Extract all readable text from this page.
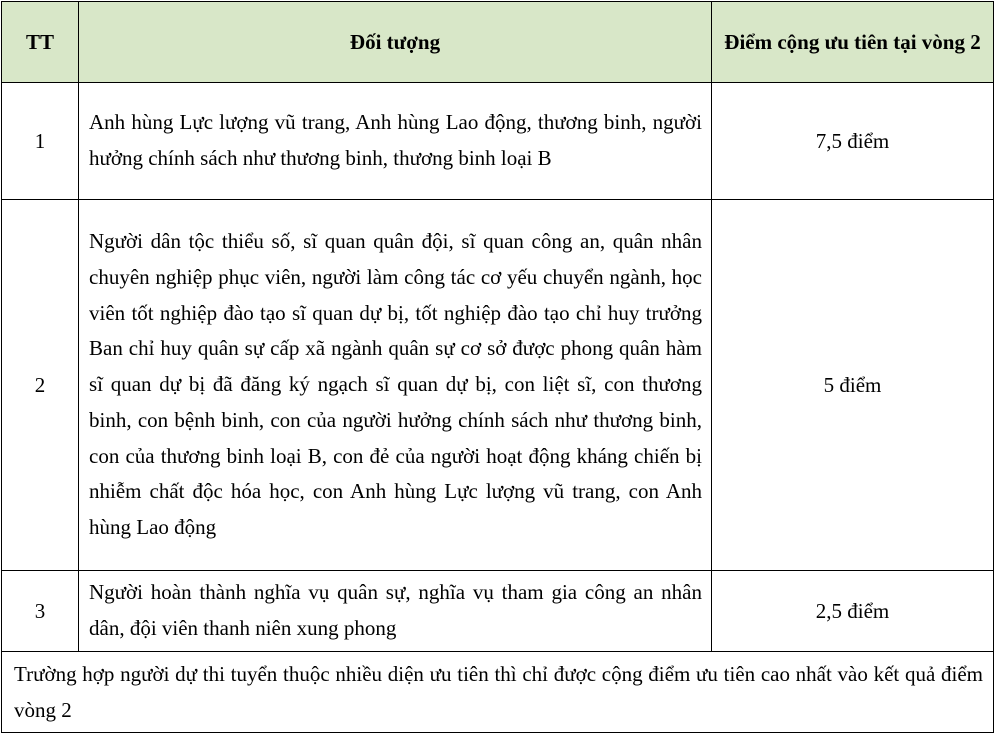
TT	Đối tượng	Điểm cộng ưu tiên tại vòng 2
1	Anh hùng Lực lượng vũ trang, Anh hùng Lao động, thương binh, người hưởng chính sách như thương binh, thương binh loại B	7,5 điểm
2	Người dân tộc thiểu số, sĩ quan quân đội, sĩ quan công an, quân nhân chuyên nghiệp phục viên, người làm công tác cơ yếu chuyển ngành, học viên tốt nghiệp đào tạo sĩ quan dự bị, tốt nghiệp đào tạo chỉ huy trưởng Ban chỉ huy quân sự cấp xã ngành quân sự cơ sở được phong quân hàm sĩ quan dự bị đã đăng ký ngạch sĩ quan dự bị, con liệt sĩ, con thương binh, con bệnh binh, con của người hưởng chính sách như thương binh, con của thương binh loại B, con đẻ của người hoạt động kháng chiến bị nhiễm chất độc hóa học, con Anh hùng Lực lượng vũ trang, con Anh hùng Lao động	5 điểm
3	Người hoàn thành nghĩa vụ quân sự, nghĩa vụ tham gia công an nhân dân, đội viên thanh niên xung phong	2,5 điểm
Trường hợp người dự thi tuyển thuộc nhiều diện ưu tiên thì chỉ được cộng điểm ưu tiên cao nhất vào kết quả điểm vòng 2		
